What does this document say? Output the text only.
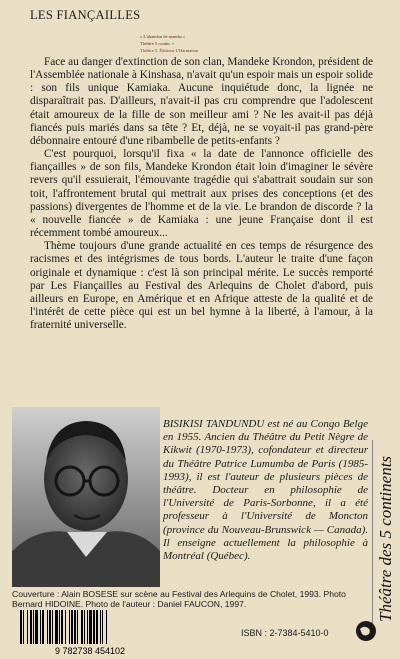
LES FIANÇAILLES
« L'abandon de mandat »
Théâtre 5 contin. +
Théâtre 5. Éditions L'Harmattan

Face au danger d'extinction de son clan, Mandeke Krondon, président de l'Assemblée nationale à Kinshasa, n'avait qu'un espoir mais un espoir solide : son fils unique Kamiaka. Aucune inquiétude donc, la lignée ne disparaîtrait pas. D'ailleurs, n'avait-il pas cru comprendre que l'adolescent était amoureux de la fille de son meilleur ami ? Ne les avait-il pas déjà fiancés puis mariés dans sa tête ? Et, déjà, ne se voyait-il pas grand-père débonnaire entouré d'une ribambelle de petits-enfants ?

C'est pourquoi, lorsqu'il fixa « la date de l'annonce officielle des fiançailles » de son fils, Mandeke Krondon était loin d'imaginer le sévère revers qu'il essuierait, l'émouvante tragédie qui s'abattrait soudain sur son toit, l'affrontement brutal qui mettrait aux prises des conceptions (et des passions) divergentes de l'homme et de la vie. Le brandon de discorde ? la « nouvelle fiancée » de Kamiaka : une jeune Française dont il est récemment tombé amoureux...

Thème toujours d'une grande actualité en ces temps de résurgence des racismes et des intégrismes de tous bords. L'auteur le traite d'une façon originale et dynamique : c'est là son principal mérite. Le succès remporté par Les Fiançailles au Festival des Arlequins de Cholet d'abord, puis ailleurs en Europe, en Amérique et en Afrique atteste de la qualité et de l'intérêt de cette pièce qui est un bel hymne à la liberté, à l'amour, à la fraternité universelle.

Théâtre des 5 continents
BISIKISI TANDUNDU est né au Congo Belge en 1955. Ancien du Théâtre du Petit Nègre de Kikwit (1970-1973), cofondateur et directeur du Théâtre Patrice Lumumba de Paris (1985-1993), il est l'auteur de plusieurs pièces de théâtre. Docteur en philosophie de l'Université de Paris-Sorbonne, il a été professeur à l'Université de Moncton (province du Nouveau-Brunswick — Canada). Il enseigne actuellement la philosophie à Montréal (Québec).
Couverture : Alain BOSESE sur scène au Festival des Arlequins de Cholet, 1993. Photo Bernard HIDOINE. Photo de l'auteur : Daniel FAUCON, 1997.
9 782738 454102
ISBN : 2-7384-5410-0
